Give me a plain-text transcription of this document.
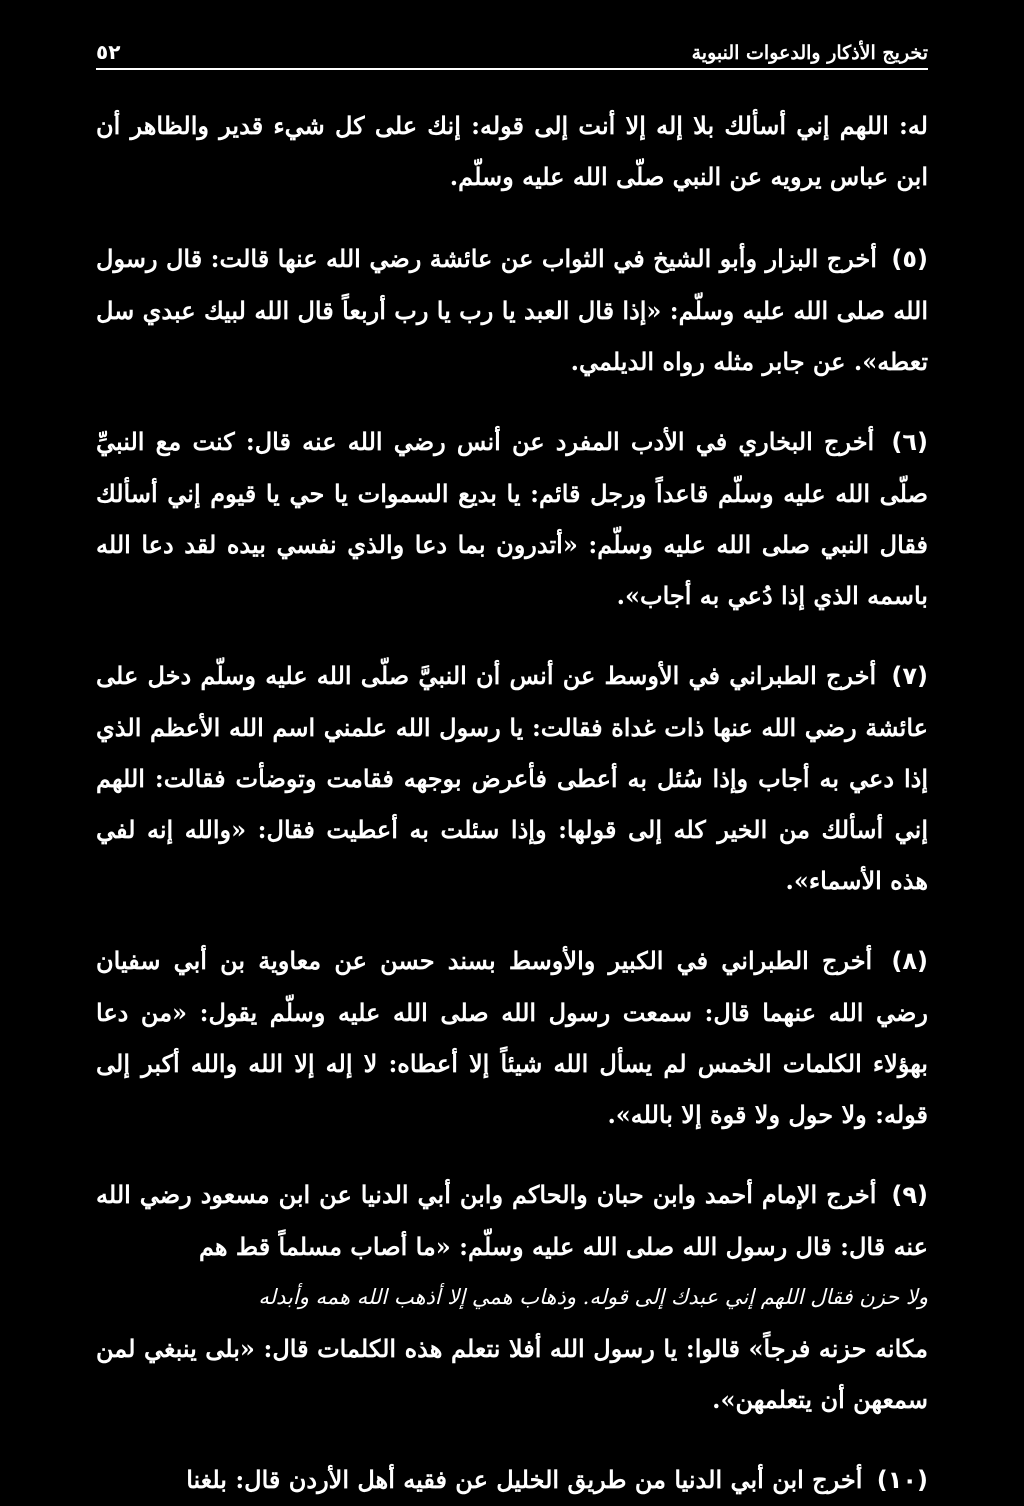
تخريج الأذكار والدعوات النبوية
٥٢

له: اللهم إني أسألك بلا إله إلا أنت إلى قوله: إنك على كل شيء قدير والظاهر أن ابن عباس يرويه عن النبي صلّى الله عليه وسلّم.

(٥) أخرج البزار وأبو الشيخ في الثواب عن عائشة رضي الله عنها قالت: قال رسول الله صلى الله عليه وسلّم: «إذا قال العبد يا رب يا رب أربعاً قال الله لبيك عبدي سل تعطه». عن جابر مثله رواه الديلمي.

(٦) أخرج البخاري في الأدب المفرد عن أنس رضي الله عنه قال: كنت مع النبيِّ صلّى الله عليه وسلّم قاعداً ورجل قائم: يا بديع السموات يا حي يا قيوم إني أسألك فقال النبي صلى الله عليه وسلّم: «أتدرون بما دعا والذي نفسي بيده لقد دعا الله باسمه الذي إذا دُعي به أجاب».

(٧) أخرج الطبراني في الأوسط عن أنس أن النبيَّ صلّى الله عليه وسلّم دخل على عائشة رضي الله عنها ذات غداة فقالت: يا رسول الله علمني اسم الله الأعظم الذي إذا دعي به أجاب وإذا سُئل به أعطى فأعرض بوجهه فقامت وتوضأت فقالت: اللهم إني أسألك من الخير كله إلى قولها: وإذا سئلت به أعطيت فقال: «والله إنه لفي هذه الأسماء».

(٨) أخرج الطبراني في الكبير والأوسط بسند حسن عن معاوية بن أبي سفيان رضي الله عنهما قال: سمعت رسول الله صلى الله عليه وسلّم يقول: «من دعا بهؤلاء الكلمات الخمس لم يسأل الله شيئاً إلا أعطاه: لا إله إلا الله والله أكبر إلى قوله: ولا حول ولا قوة إلا بالله».

(٩) أخرج الإمام أحمد وابن حبان والحاكم وابن أبي الدنيا عن ابن مسعود رضي الله عنه قال: قال رسول الله صلى الله عليه وسلّم: «ما أصاب مسلماً قط هم
ولا حزن فقال اللهم إني عبدك إلى قوله. وذهاب همي إلا أذهب الله همه وأبدله
مكانه حزنه فرجاً» قالوا: يا رسول الله أفلا نتعلم هذه الكلمات قال: «بلى ينبغي لمن سمعهن أن يتعلمهن».

(١٠) أخرج ابن أبي الدنيا من طريق الخليل عن فقيه أهل الأردن قال: بلغنا
